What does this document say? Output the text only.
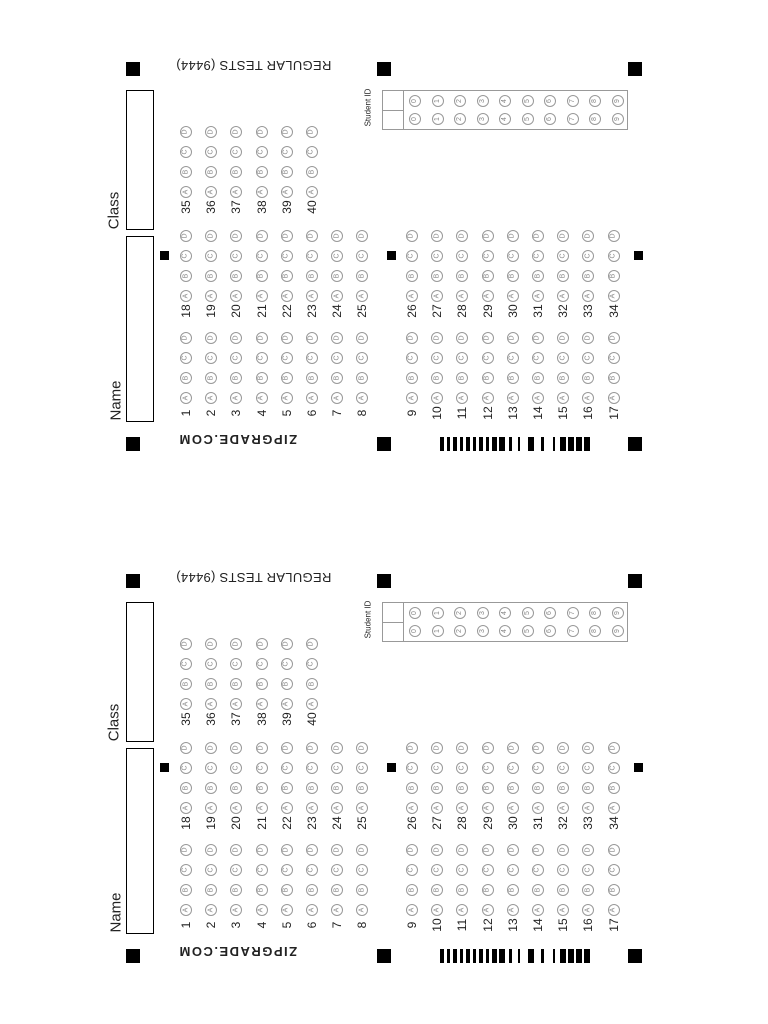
Class
Name
REGULAR TESTS (9444)
ZIPGRADE.COM
Student ID	0
0
1
1
2
2
3
3
4
4
5
5
6
6
7
7
8
8
9
9
1
A
B
C
D
2
A
B
C
D
3
A
B
C
D
4
A
B
C
D
5
A
B
C
D
6
A
B
C
D
7
A
B
C
D
8
A
B
C
D
18
A
B
C
D
19
A
B
C
D
20
A
B
C
D
21
A
B
C
D
22
A
B
C
D
23
A
B
C
D
24
A
B
C
D
25
A
B
C
D
35
A
B
C
D
36
A
B
C
D
37
A
B
C
D
38
A
B
C
D
39
A
B
C
D
40
A
B
C
D
9
A
B
C
D
10
A
B
C
D
11
A
B
C
D
12
A
B
C
D
13
A
B
C
D
14
A
B
C
D
15
A
B
C
D
16
A
B
C
D
17
A
B
C
D
26
A
B
C
D
27
A
B
C
D
28
A
B
C
D
29
A
B
C
D
30
A
B
C
D
31
A
B
C
D
32
A
B
C
D
33
A
B
C
D
34
A
B
C
D
Class
Name
REGULAR TESTS (9444)
ZIPGRADE.COM
Student ID	0
0
1
1
2
2
3
3
4
4
5
5
6
6
7
7
8
8
9
9
1
A
B
C
D
2
A
B
C
D
3
A
B
C
D
4
A
B
C
D
5
A
B
C
D
6
A
B
C
D
7
A
B
C
D
8
A
B
C
D
18
A
B
C
D
19
A
B
C
D
20
A
B
C
D
21
A
B
C
D
22
A
B
C
D
23
A
B
C
D
24
A
B
C
D
25
A
B
C
D
35
A
B
C
D
36
A
B
C
D
37
A
B
C
D
38
A
B
C
D
39
A
B
C
D
40
A
B
C
D
9
A
B
C
D
10
A
B
C
D
11
A
B
C
D
12
A
B
C
D
13
A
B
C
D
14
A
B
C
D
15
A
B
C
D
16
A
B
C
D
17
A
B
C
D
26
A
B
C
D
27
A
B
C
D
28
A
B
C
D
29
A
B
C
D
30
A
B
C
D
31
A
B
C
D
32
A
B
C
D
33
A
B
C
D
34
A
B
C
D
